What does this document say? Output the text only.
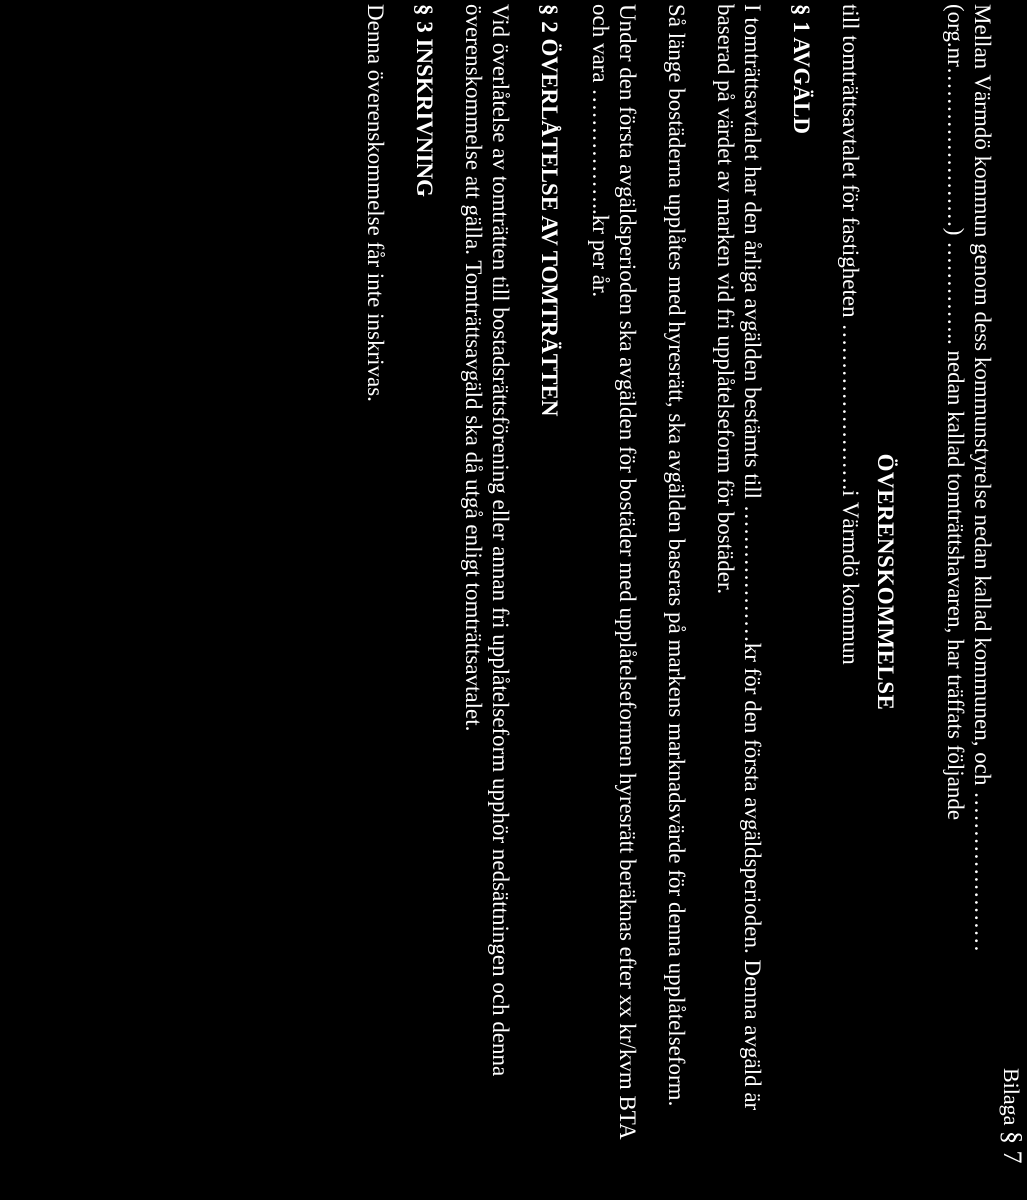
Bilaga § 7

Mellan Värmdö kommun genom dess kommunstyrelse nedan kallad kommunen, och ………………… (org.nr…………………) ………….. nedan kallad tomträttshavaren, har träffats följande

ÖVERENSKOMMELSE

till tomträttsavtalet för fastigheten ………………….i Värmdö kommun

§ 1 AVGÄLD

I tomträttsavtalet har den årliga avgälden bestämts till ………………kr för den första avgäldsperioden. Denna avgäld är baserad på värdet av marken vid fri upplåtelseform för bostäder.

Så länge bostäderna upplåtes med hyresrätt, ska avgälden baseras på markens marknadsvärde för denna upplåtelseform.

Under den första avgäldsperioden ska avgälden för bostäder med upplåtelseformen hyresrätt beräknas efter xx kr/kvm BTA och vara ……………..kr per år.

§ 2 ÖVERLÅTELSE AV TOMTRÄTTEN

Vid överlåtelse av tomträtten till bostadsrättsförening eller annan fri upplåtelseform upphör nedsättningen och denna överenskommelse att gälla. Tomträttsavgäld ska då utgå enligt tomträttsavtalet.

§ 3 INSKRIVNING

Denna överenskommelse får inte inskrivas.
